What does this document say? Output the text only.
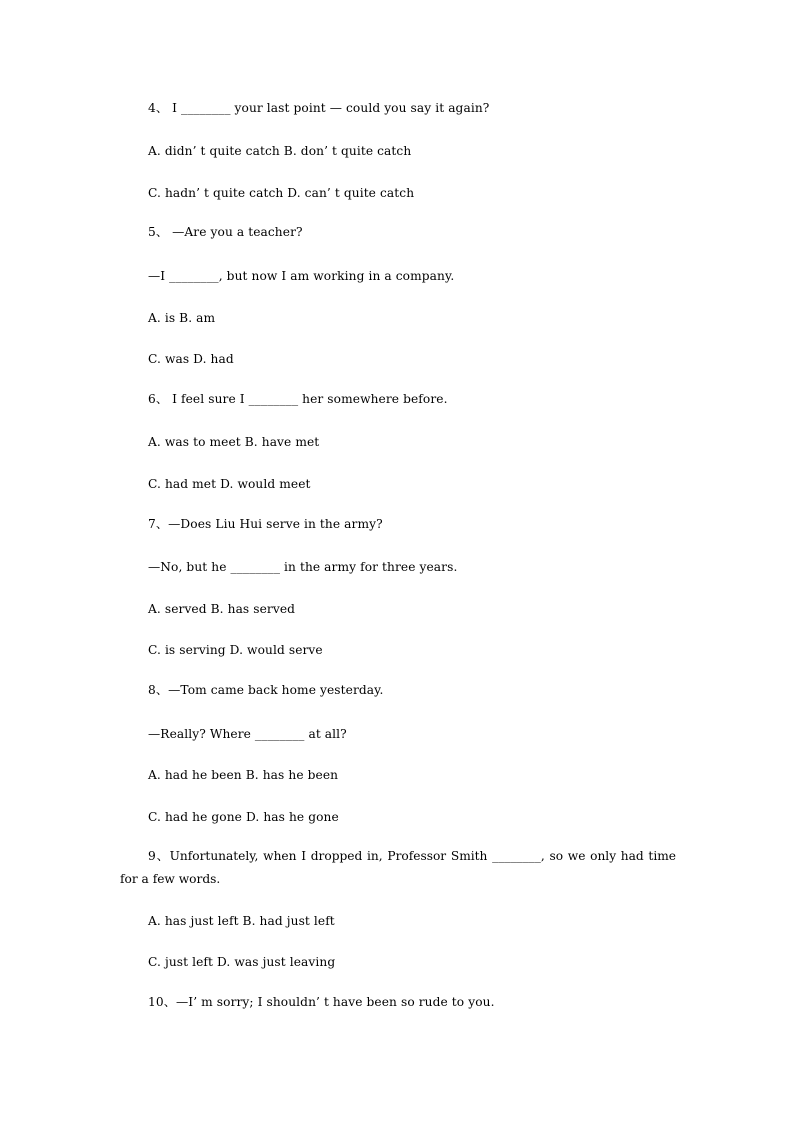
4、 I ________ your last point — could you say it again?
A. didn’ t quite catch B. don’ t quite catch
C. hadn’ t quite catch D. can’ t quite catch
5、 —Are you a teacher?
—I ________, but now I am working in a company.
A. is B. am
C. was D. had
6、 I feel sure I ________ her somewhere before.
A. was to meet B. have met
C. had met D. would meet
7、—Does Liu Hui serve in the army?
—No, but he ________ in the army for three years.
A. served B. has served
C. is serving D. would serve
8、—Tom came back home yesterday.
—Really? Where ________ at all?
A. had he been B. has he been
C. had he gone D. has he gone
9、Unfortunately, when I dropped in, Professor Smith ________, so we only had time for a few words.
A. has just left B. had just left
C. just left D. was just leaving
10、—I’ m sorry; I shouldn’ t have been so rude to you.
